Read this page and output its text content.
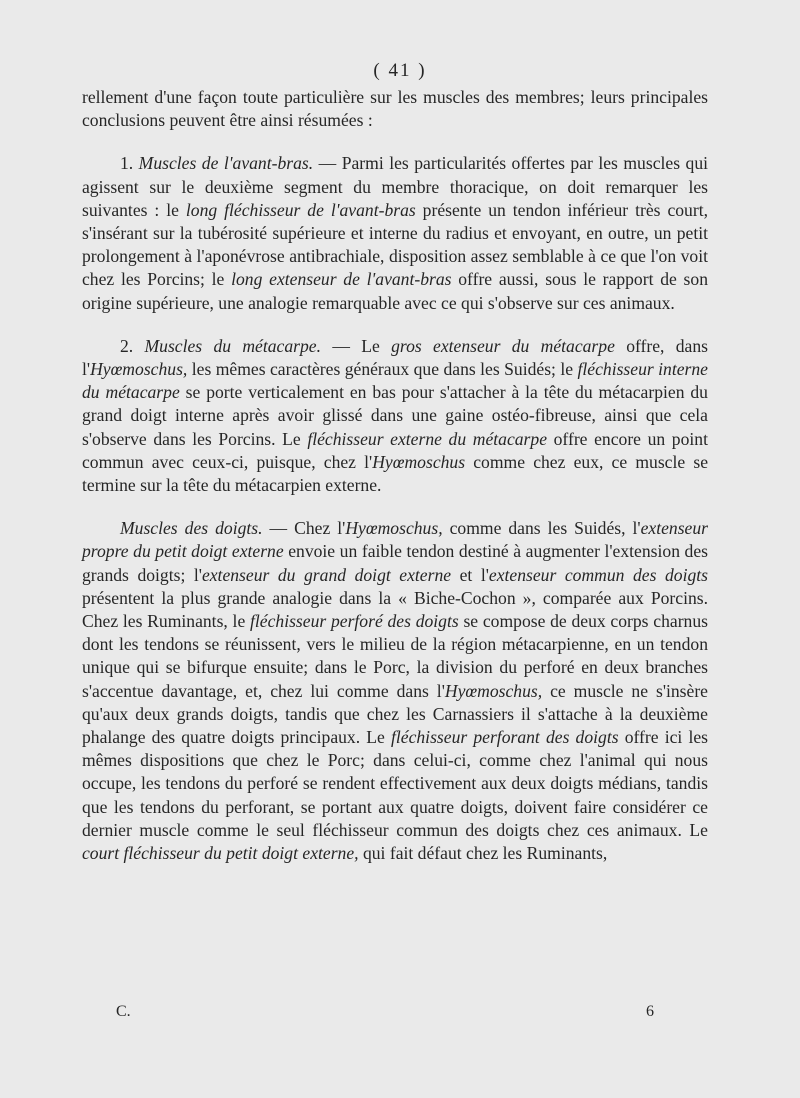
( 41 )

rellement d'une façon toute particulière sur les muscles des membres; leurs principales conclusions peuvent être ainsi résumées :

1. Muscles de l'avant-bras. — Parmi les particularités offertes par les muscles qui agissent sur le deuxième segment du membre thoracique, on doit remarquer les suivantes : le long fléchisseur de l'avant-bras présente un tendon inférieur très court, s'insérant sur la tubérosité supérieure et interne du radius et envoyant, en outre, un petit prolongement à l'aponévrose antibrachiale, disposition assez semblable à ce que l'on voit chez les Porcins; le long extenseur de l'avant-bras offre aussi, sous le rapport de son origine supérieure, une analogie remarquable avec ce qui s'observe sur ces animaux.

2. Muscles du métacarpe. — Le gros extenseur du métacarpe offre, dans l'Hyœmoschus, les mêmes caractères généraux que dans les Suidés; le fléchisseur interne du métacarpe se porte verticalement en bas pour s'attacher à la tête du métacarpien du grand doigt interne après avoir glissé dans une gaine ostéo-fibreuse, ainsi que cela s'observe dans les Porcins. Le fléchisseur externe du métacarpe offre encore un point commun avec ceux-ci, puisque, chez l'Hyœmoschus comme chez eux, ce muscle se termine sur la tête du métacarpien externe.

Muscles des doigts. — Chez l'Hyœmoschus, comme dans les Suidés, l'extenseur propre du petit doigt externe envoie un faible tendon destiné à augmenter l'extension des grands doigts; l'extenseur du grand doigt externe et l'extenseur commun des doigts présentent la plus grande analogie dans la « Biche-Cochon », comparée aux Porcins. Chez les Ruminants, le fléchisseur perforé des doigts se compose de deux corps charnus dont les tendons se réunissent, vers le milieu de la région métacarpienne, en un tendon unique qui se bifurque ensuite; dans le Porc, la division du perforé en deux branches s'accentue davantage, et, chez lui comme dans l'Hyœmoschus, ce muscle ne s'insère qu'aux deux grands doigts, tandis que chez les Carnassiers il s'attache à la deuxième phalange des quatre doigts principaux. Le fléchisseur perforant des doigts offre ici les mêmes dispositions que chez le Porc; dans celui-ci, comme chez l'animal qui nous occupe, les tendons du perforé se rendent effectivement aux deux doigts médians, tandis que les tendons du perforant, se portant aux quatre doigts, doivent faire considérer ce dernier muscle comme le seul fléchisseur commun des doigts chez ces animaux. Le court fléchisseur du petit doigt externe, qui fait défaut chez les Ruminants,

C.	6
